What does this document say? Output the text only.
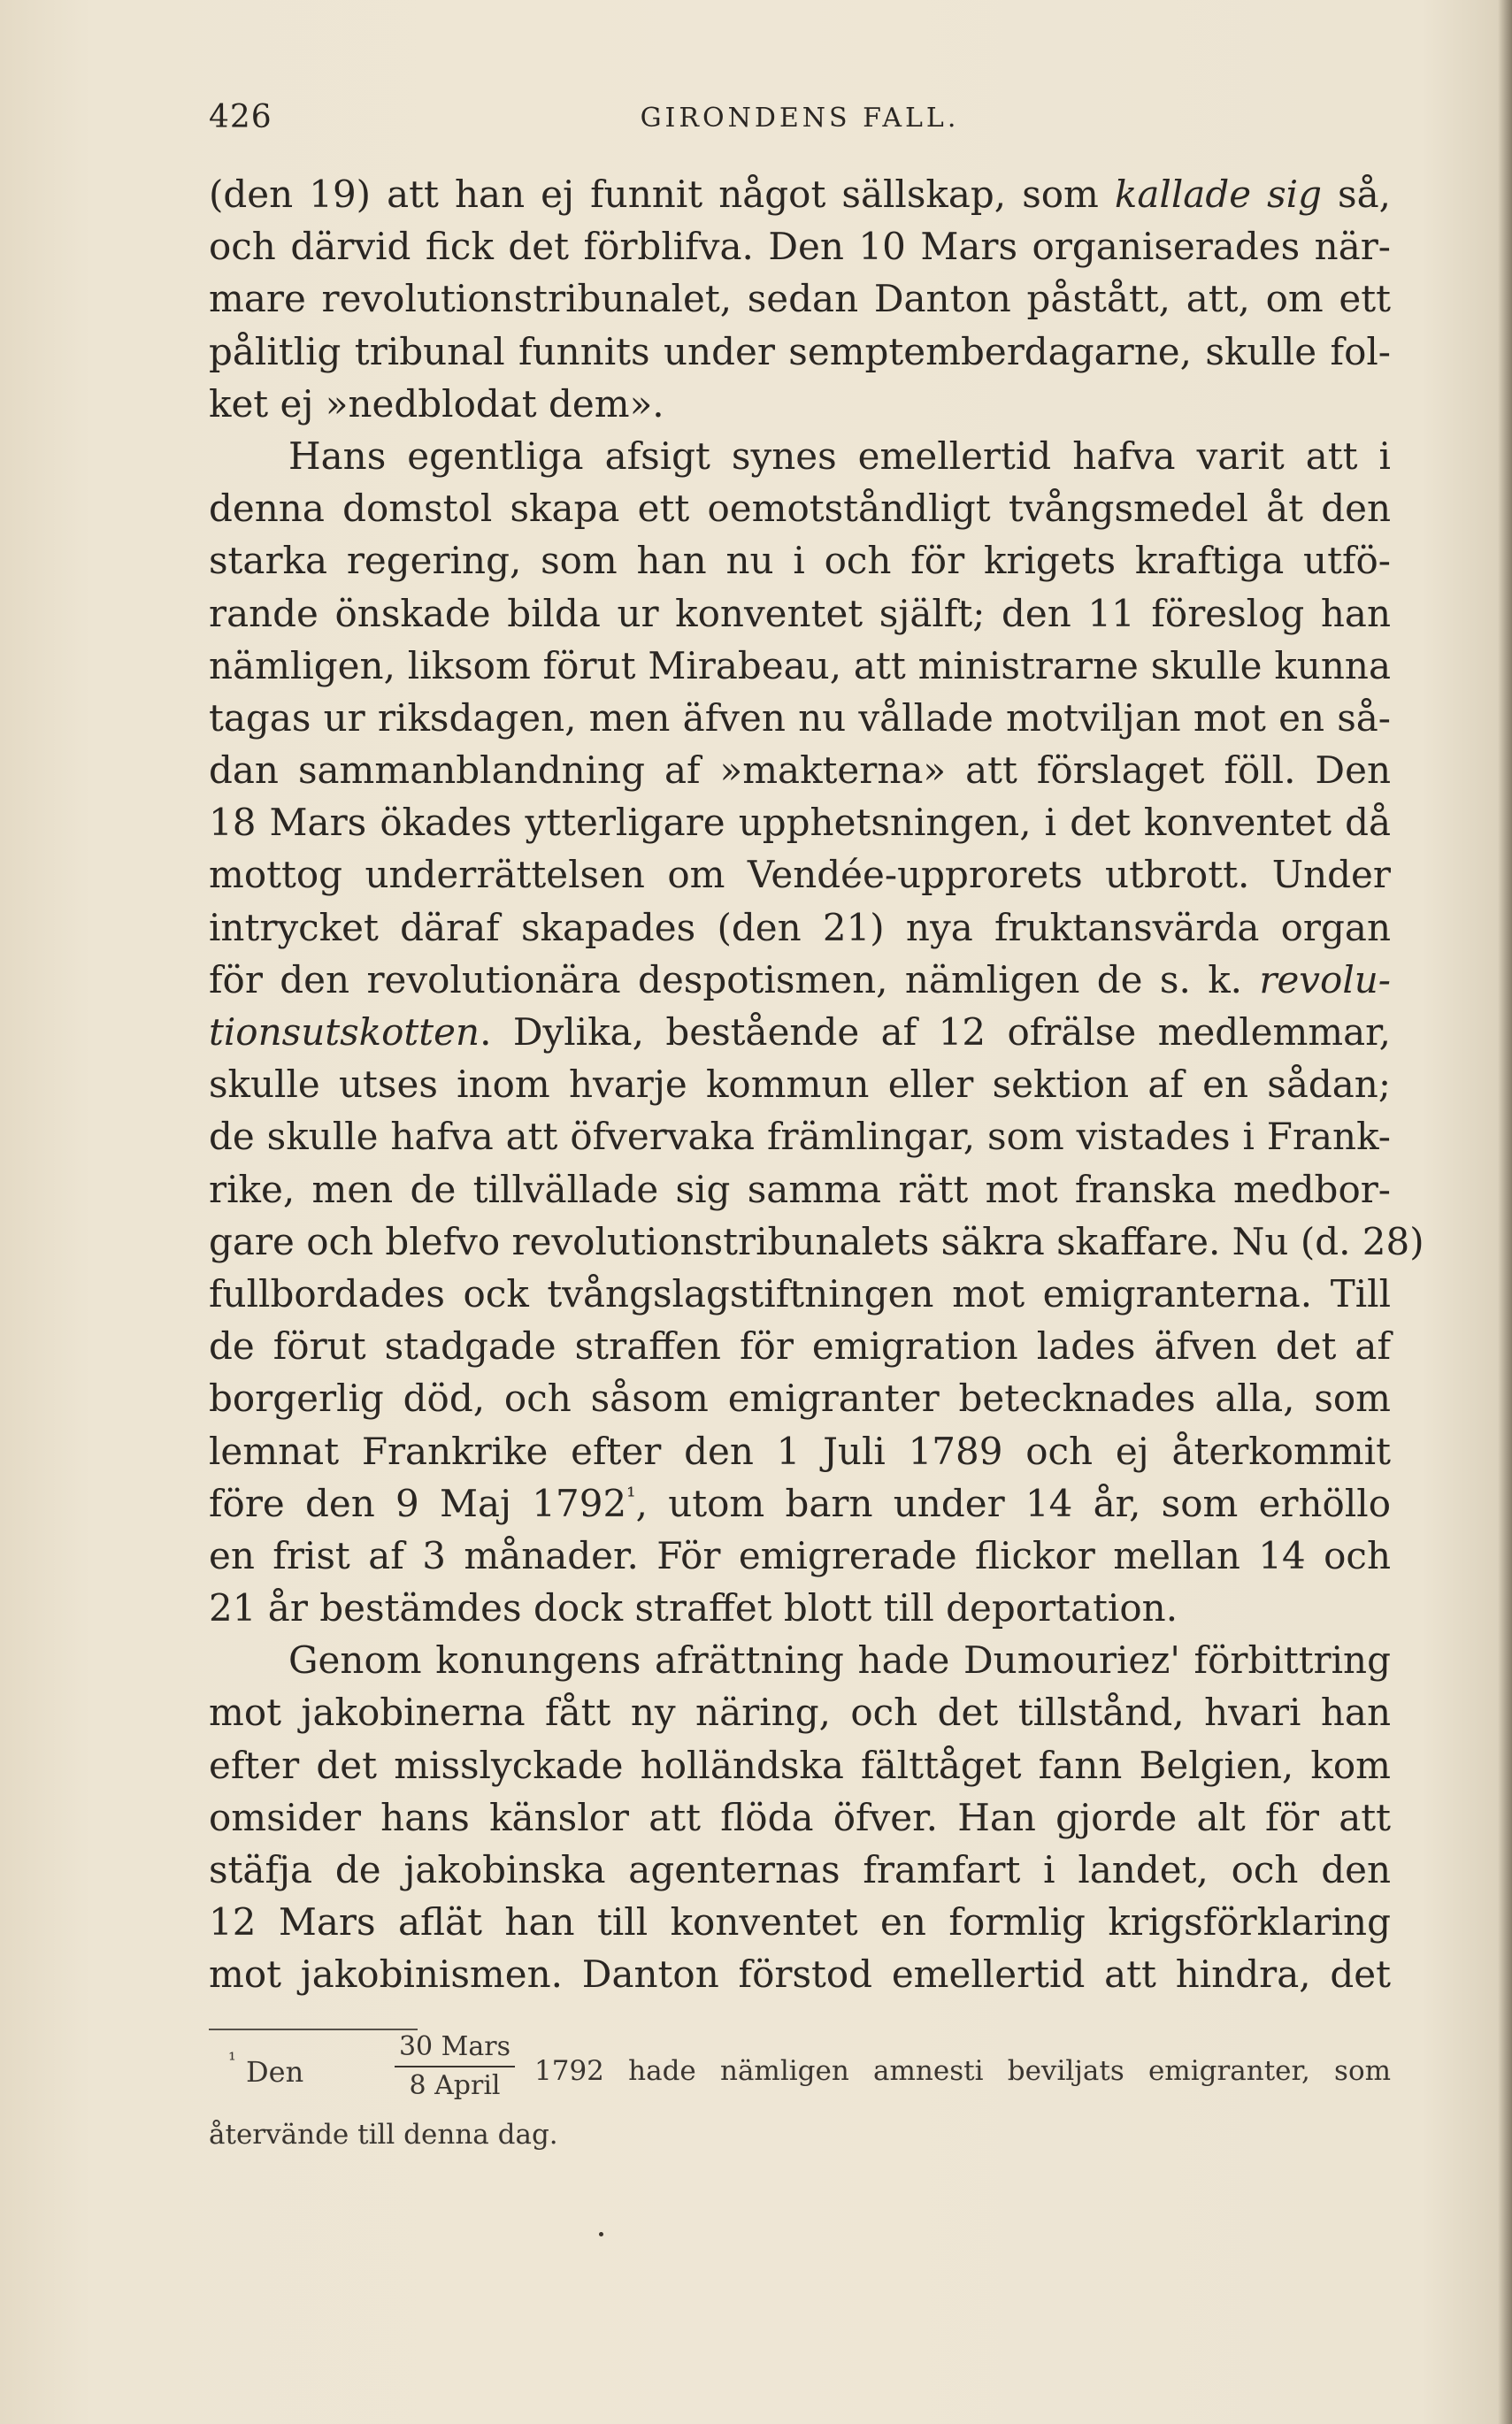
426	GIRONDENS FALL.
(den 19) att han ej funnit något sällskap, som kallade sig så,
och därvid fick det förblifva. Den 10 Mars organiserades när-
mare revolutionstribunalet, sedan Danton påstått, att, om ett
pålitlig tribunal funnits under semptemberdagarne, skulle fol-
ket ej »nedblodat dem».
Hans egentliga afsigt synes emellertid hafva varit att i
denna domstol skapa ett oemotståndligt tvångsmedel åt den
starka regering, som han nu i och för krigets kraftiga utfö-
rande önskade bilda ur konventet själft; den 11 föreslog han
nämligen, liksom förut Mirabeau, att ministrarne skulle kunna
tagas ur riksdagen, men äfven nu vållade motviljan mot en så-
dan sammanblandning af »makterna» att förslaget föll. Den
18 Mars ökades ytterligare upphetsningen, i det konventet då
mottog underrättelsen om Vendée-upprorets utbrott. Under
intrycket däraf skapades (den 21) nya fruktansvärda organ
för den revolutionära despotismen, nämligen de s. k. revolu-
tionsutskotten. Dylika, bestående af 12 ofrälse medlemmar,
skulle utses inom hvarje kommun eller sektion af en sådan;
de skulle hafva att öfvervaka främlingar, som vistades i Frank-
rike, men de tillvällade sig samma rätt mot franska medbor-
gare och blefvo revolutionstribunalets säkra skaffare. Nu (d. 28)
fullbordades ock tvångslagstiftningen mot emigranterna. Till
de förut stadgade straffen för emigration lades äfven det af
borgerlig död, och såsom emigranter betecknades alla, som
lemnat Frankrike efter den 1 Juli 1789 och ej återkommit
före den 9 Maj $1792^{^1}$, utom barn under 14 år, som erhöllo
en frist af 3 månader. För emigrerade flickor mellan 14 och
21 år bestämdes dock straffet blott till deportation.
Genom konungens afrättning hade Dumouriez' förbittring
mot jakobinerna fått ny näring, och det tillstånd, hvari han
efter det misslyckade holländska fälttåget fann Belgien, kom
omsider hans känslor att flöda öfver. Han gjorde alt för att
stäfja de jakobinska agenternas framfart i landet, och den
12 Mars aflät han till konventet en formlig krigsförklaring
mot jakobinismen. Danton förstod emellertid att hindra, det
¹ Den
30 Mars
8 April	1792 hade nämligen amnesti beviljats emigranter, som
återvände till denna dag.
